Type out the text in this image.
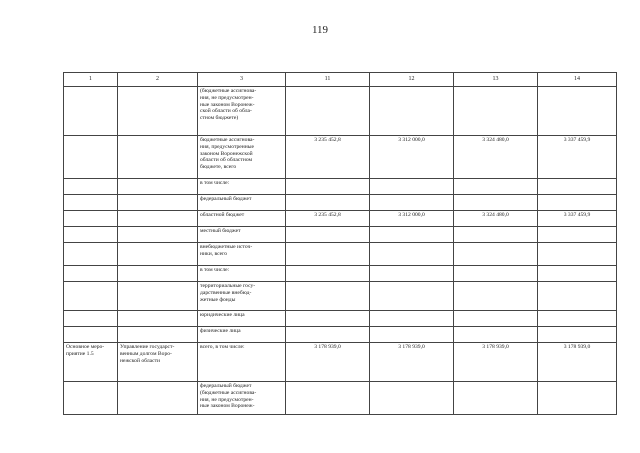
119
1	2	3	11	12	13	14
		(бюджетные ассигнова-
ния, не предусмотрен-
ные законом Воронеж-
ской области об обла-
стном бюджете)				
		бюджетные ассигнова-
ния, предусмотренные
законом Воронежской
области об областном
бюджете, всего	3 235 452,8	3 312 000,0	3 324 480,0	3 337 459,9
		в том числе:				
		федеральный бюджет				
		областной бюджет	3 235 452,8	3 312 000,0	3 324 480,0	3 337 459,9
		местный бюджет				
		внебюджетные источ-
ники, всего				
		в том числе:				
		территориальные госу-
дарственные внебюд-
жетные фонды				
		юридические лица				
		физические лица				
Основное меро-
приятие 1.5	Управление государст-
венным долгом Воро-
нежской области	всего, в том числе:	3 178 939,0	3 178 939,0	3 178 939,0	3 178 939,0
		федеральный бюджет
(бюджетные ассигнова-
ния, не предусмотрен-
ные законом Воронеж-				
